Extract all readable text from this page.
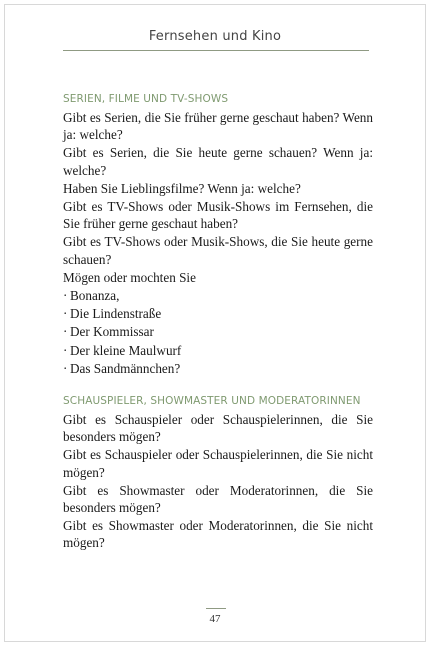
Fernsehen und Kino
SERIEN, FILME UND TV-SHOWS

Gibt es Serien, die Sie früher gerne geschaut haben? Wenn ja: welche?

Gibt es Serien, die Sie heute gerne schauen? Wenn ja: welche?

Haben Sie Lieblingsfilme? Wenn ja: welche?

Gibt es TV-Shows oder Musik-Shows im Fernsehen, die Sie früher gerne geschaut haben?

Gibt es TV-Shows oder Musik-Shows, die Sie heute gerne schauen?

Mögen oder mochten Sie

· Bonanza,
· Die Lindenstraße
· Der Kommissar
· Der kleine Maulwurf
· Das Sandmännchen?
SCHAUSPIELER, SHOWMASTER UND MODERATORINNEN

Gibt es Schauspieler oder Schauspielerinnen, die Sie besonders mögen?

Gibt es Schauspieler oder Schauspielerinnen, die Sie nicht mögen?

Gibt es Showmaster oder Moderatorinnen, die Sie besonders mögen?

Gibt es Showmaster oder Moderatorinnen, die Sie nicht mögen?

47
